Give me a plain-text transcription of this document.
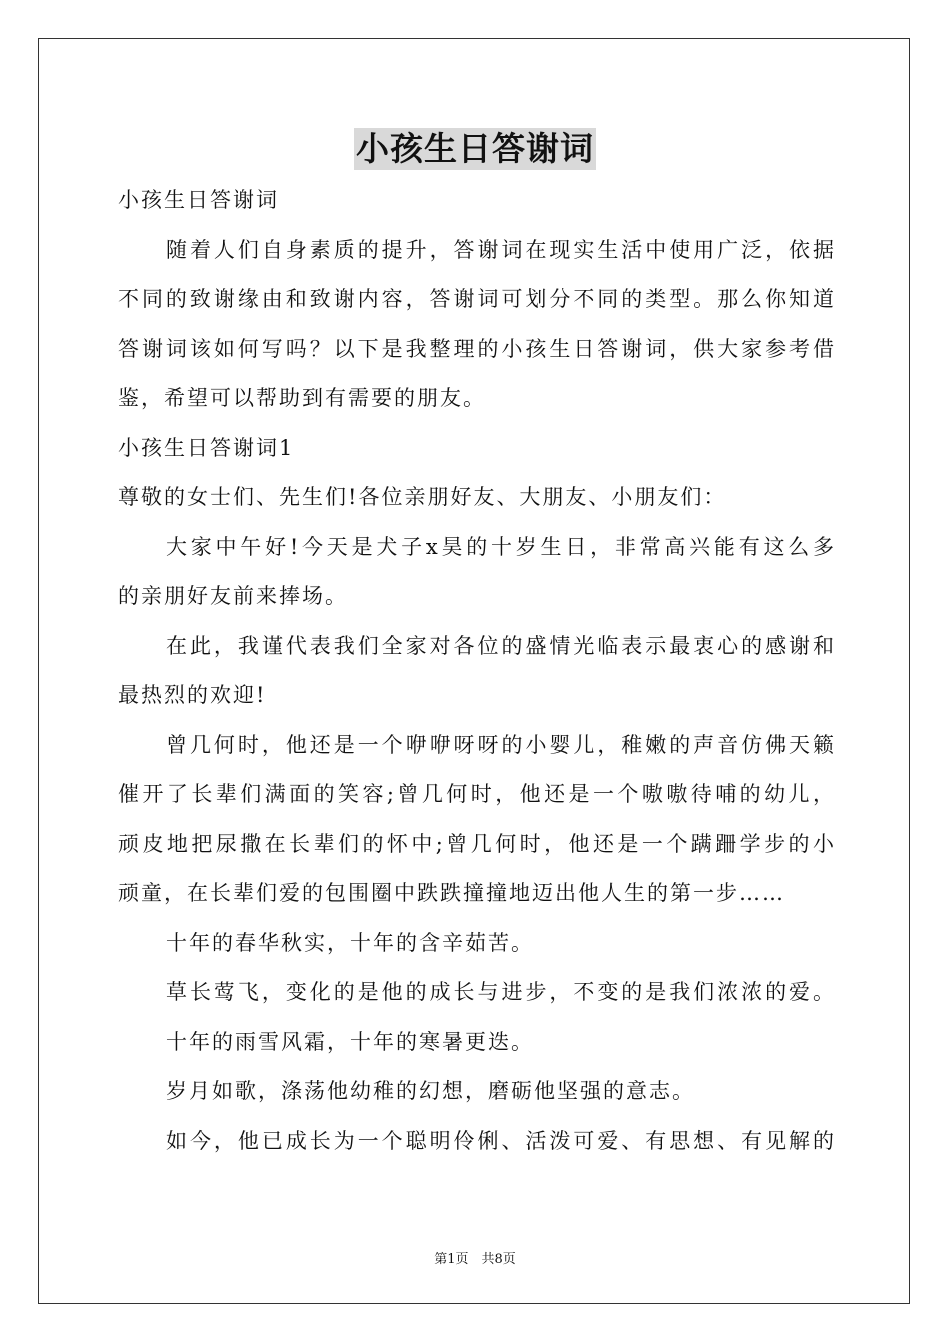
小孩生日答谢词

小孩生日答谢词

随着人们自身素质的提升，答谢词在现实生活中使用广泛，依据

不同的致谢缘由和致谢内容，答谢词可划分不同的类型。那么你知道

答谢词该如何写吗？以下是我整理的小孩生日答谢词，供大家参考借

鉴，希望可以帮助到有需要的朋友。

小孩生日答谢词1

尊敬的女士们、先生们!各位亲朋好友、大朋友、小朋友们：

大家中午好!今天是犬子x昊的十岁生日，非常高兴能有这么多

的亲朋好友前来捧场。

在此，我谨代表我们全家对各位的盛情光临表示最衷心的感谢和

最热烈的欢迎!

曾几何时，他还是一个咿咿呀呀的小婴儿，稚嫩的声音仿佛天籁

催开了长辈们满面的笑容;曾几何时，他还是一个嗷嗷待哺的幼儿，

顽皮地把尿撒在长辈们的怀中;曾几何时，他还是一个蹒跚学步的小

顽童，在长辈们爱的包围圈中跌跌撞撞地迈出他人生的第一步……

十年的春华秋实，十年的含辛茹苦。

草长莺飞，变化的是他的成长与进步，不变的是我们浓浓的爱。

十年的雨雪风霜，十年的寒暑更迭。

岁月如歌，涤荡他幼稚的幻想，磨砺他坚强的意志。

如今，他已成长为一个聪明伶俐、活泼可爱、有思想、有见解的

第1页　共8页
